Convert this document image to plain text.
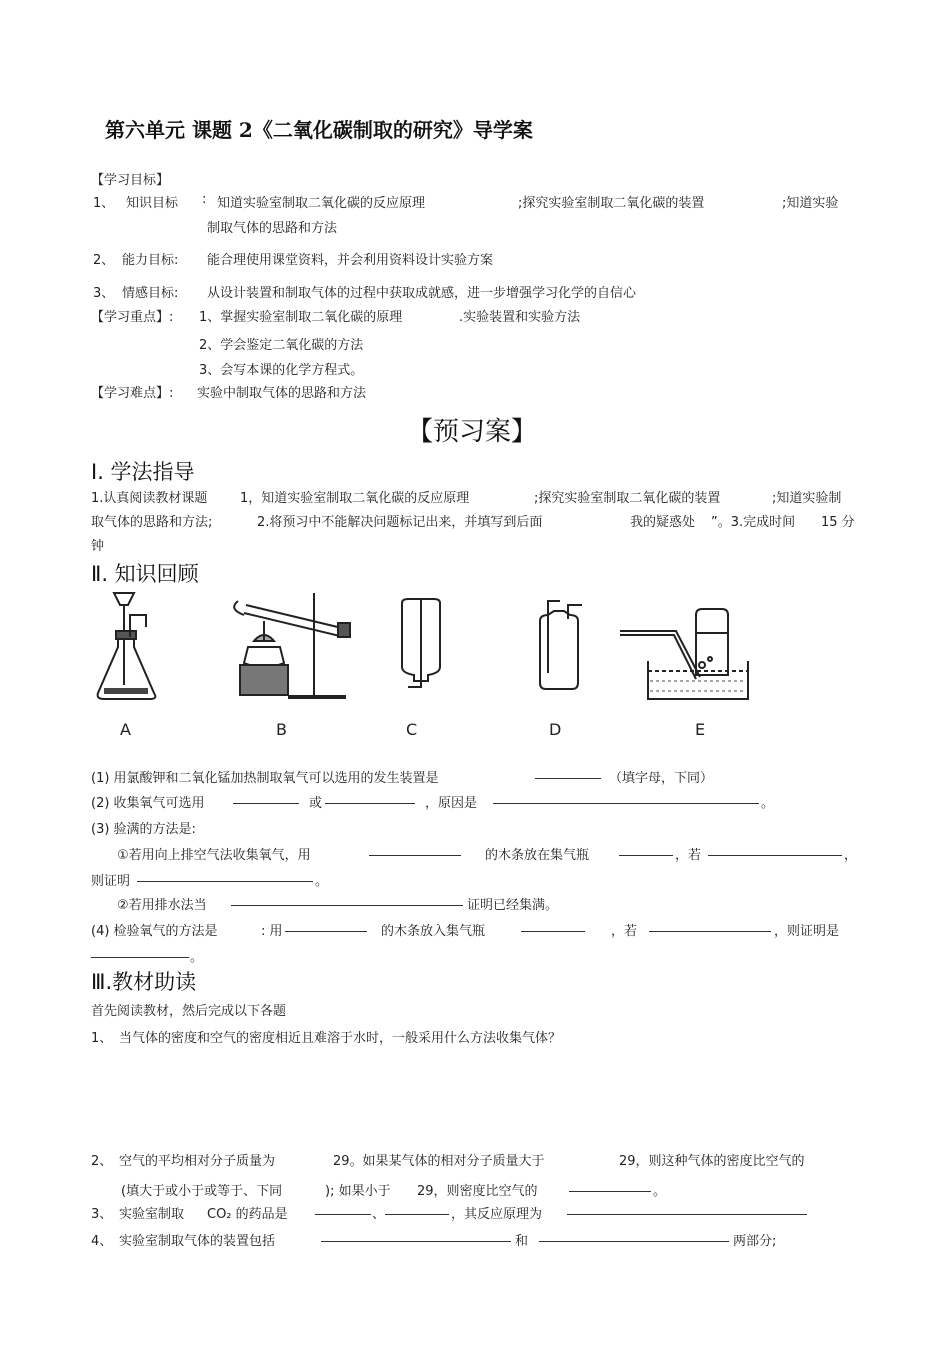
第六单元 课题 2《二氧化碳制取的研究》导学案
【学习目标】
1、 知识目标 : 知道实验室制取二氧化碳的反应原理	;探究实验室制取二氧化碳的装置	;知道实验
制取气体的思路和方法
2、 能力目标: 能合理使用课堂资料，并会利用资料设计实验方案
3、 情感目标: 从设计装置和制取气体的过程中获取成就感，进一步增强学习化学的自信心
【学习重点】: 1、掌握实验室制取二氧化碳的原理	.实验装置和实验方法
2、学会鉴定二氧化碳的方法
3、会写本课的化学方程式。
【学习难点】: 实验中制取气体的思路和方法
【预习案】
Ⅰ. 学法指导
1.认真阅读教材课题	1，知道实验室制取二氧化碳的反应原理	;探究实验室制取二氧化碳的装置	;知道实验制
取气体的思路和方法;	2.将预习中不能解决问题标记出来，并填写到后面	我的疑惑处 ”。3.完成时间 15 分
钟
Ⅱ. 知识回顾
A	B	C	D	E
(1) 用氯酸钾和二氧化锰加热制取氧气可以选用的发生装置是	（填字母，下同）
(2) 收集氧气可选用	或	，原因是	。
(3) 验满的方法是:
①若用向上排空气法收集氧气，用	的木条放在集气瓶	，若	，
则证明	。
②若用排水法当	证明已经集满。
(4) 检验氧气的方法是	: 用	的木条放入集气瓶	，若	，则证明是
。
Ⅲ.教材助读
首先阅读教材，然后完成以下各题
1、 当气体的密度和空气的密度相近且难溶于水时，一般采用什么方法收集气体？
2、 空气的平均相对分子质量为	29。如果某气体的相对分子质量大于	29，则这种气体的密度比空气的
(填大于或小于或等于、下同	); 如果小于 29，则密度比空气的	。
3、 实验室制取 CO₂ 的药品是	、	，其反应原理为
4、 实验室制取气体的装置包括	和	两部分;
